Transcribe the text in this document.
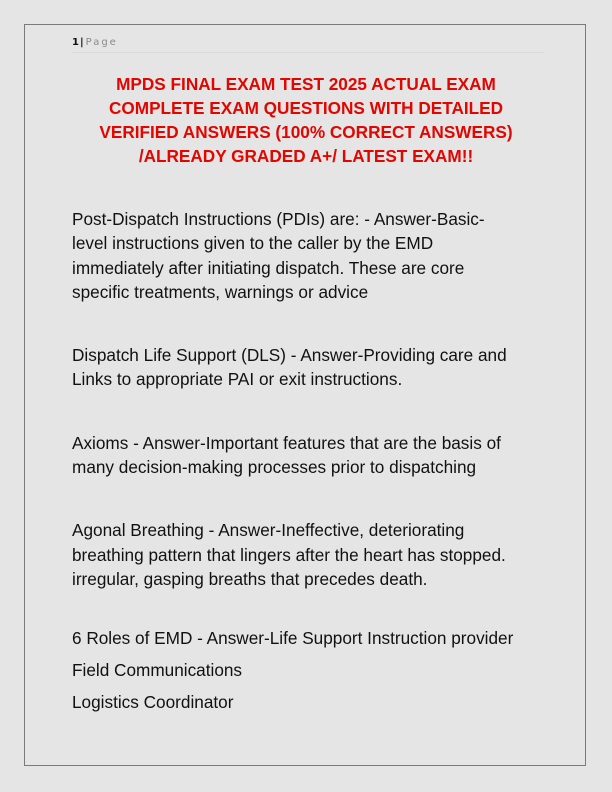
1| Page
MPDS FINAL EXAM TEST 2025 ACTUAL EXAM
COMPLETE EXAM QUESTIONS WITH DETAILED
VERIFIED ANSWERS (100% CORRECT ANSWERS)
/ALREADY GRADED A+/ LATEST EXAM!!

Post-Dispatch Instructions (PDIs) are: - Answer-Basic-

level instructions given to the caller by the EMD

immediately after initiating dispatch. These are core

specific treatments, warnings or advice

Dispatch Life Support (DLS) - Answer-Providing care and

Links to appropriate PAI or exit instructions.

Axioms - Answer-Important features that are the basis of

many decision-making processes prior to dispatching

Agonal Breathing - Answer-Ineffective, deteriorating

breathing pattern that lingers after the heart has stopped.

irregular, gasping breaths that precedes death.

6 Roles of EMD - Answer-Life Support Instruction provider

Field Communications

Logistics Coordinator
